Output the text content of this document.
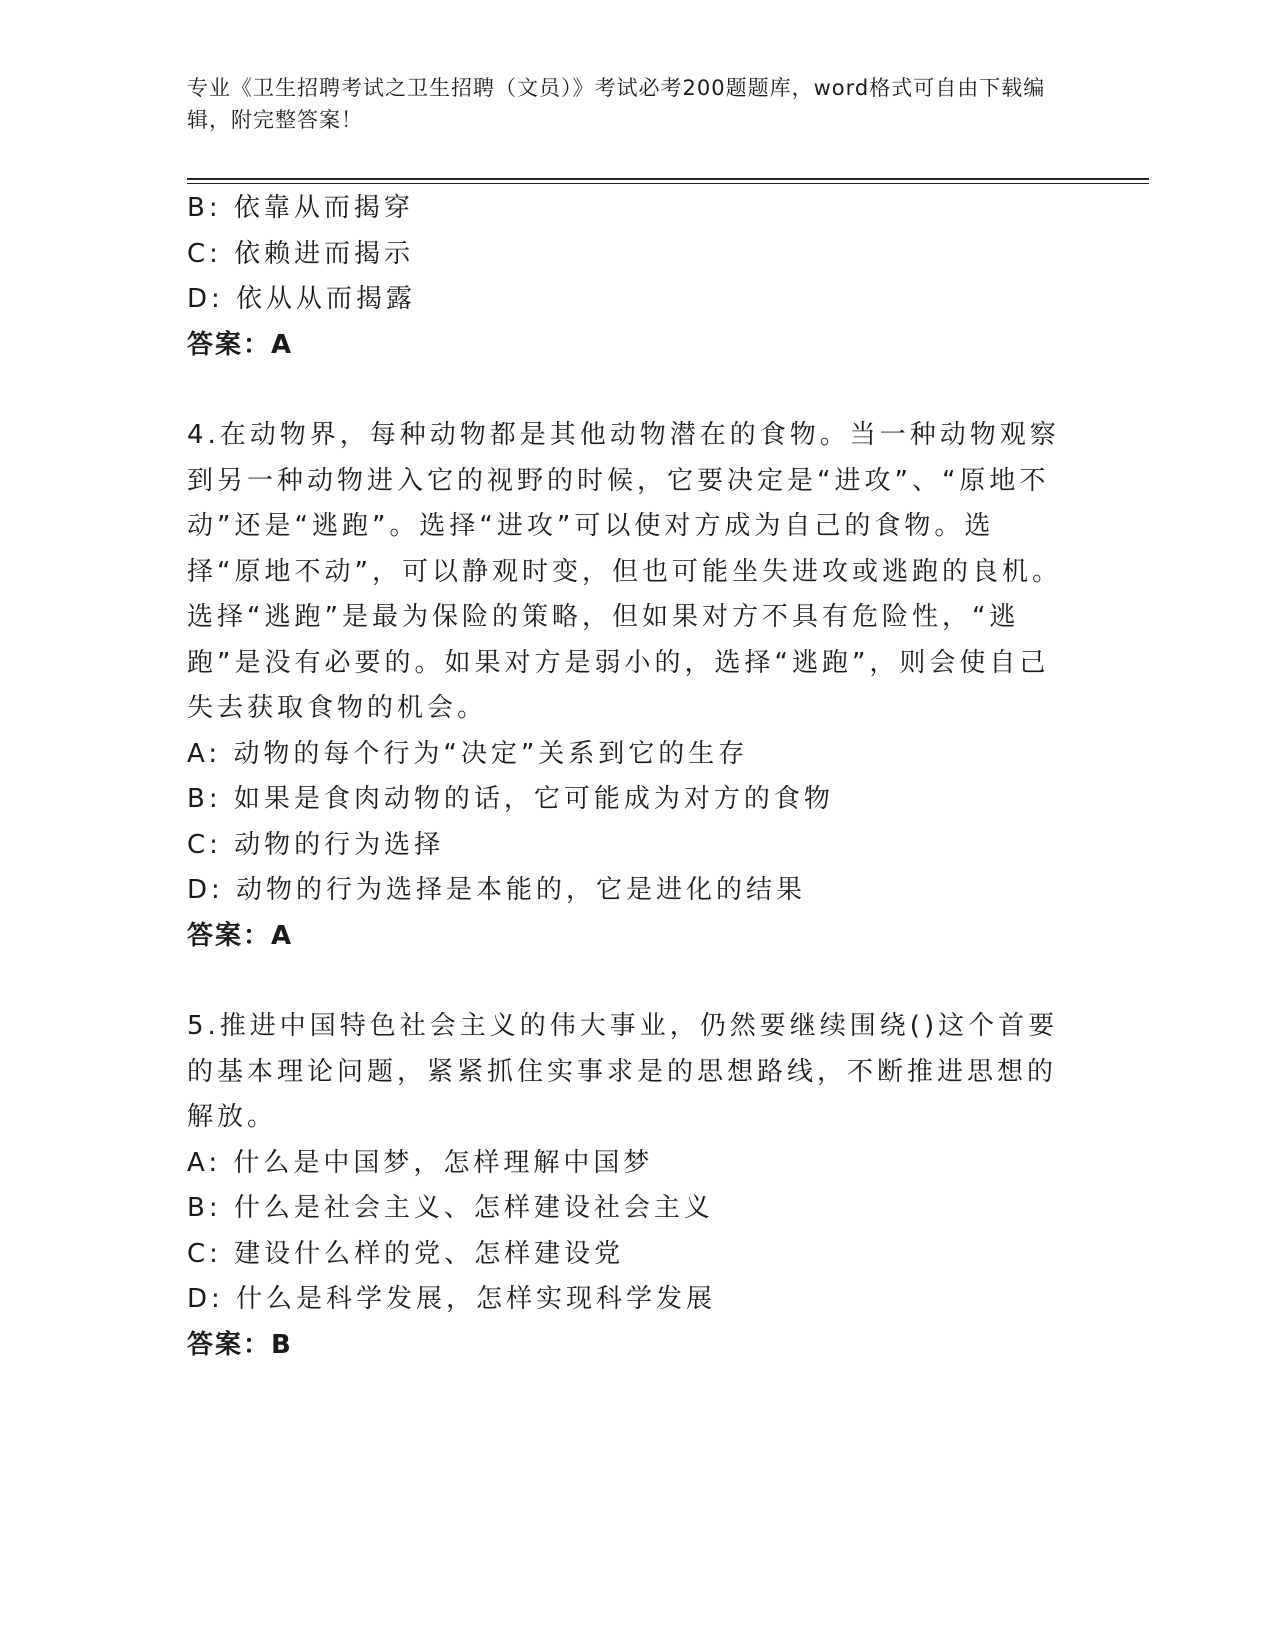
专业《卫生招聘考试之卫生招聘（文员）》考试必考200题题库，word格式可自由下载编辑，附完整答案！
B: 依靠从而揭穿
C: 依赖进而揭示
D: 依从从而揭露
答案：A
4.在动物界，每种动物都是其他动物潜在的食物。当一种动物观察到另一种动物进入它的视野的时候，它要决定是“进攻”、“原地不动”还是“逃跑”。选择“进攻”可以使对方成为自己的食物。选择“原地不动”，可以静观时变，但也可能坐失进攻或逃跑的良机。选择“逃跑”是最为保险的策略，但如果对方不具有危险性，“逃跑”是没有必要的。如果对方是弱小的，选择“逃跑”，则会使自己失去获取食物的机会。
A: 动物的每个行为“决定”关系到它的生存
B: 如果是食肉动物的话，它可能成为对方的食物
C: 动物的行为选择
D: 动物的行为选择是本能的，它是进化的结果
答案：A
5.推进中国特色社会主义的伟大事业，仍然要继续围绕()这个首要的基本理论问题，紧紧抓住实事求是的思想路线，不断推进思想的解放。
A: 什么是中国梦，怎样理解中国梦
B: 什么是社会主义、怎样建设社会主义
C: 建设什么样的党、怎样建设党
D: 什么是科学发展，怎样实现科学发展
答案：B
